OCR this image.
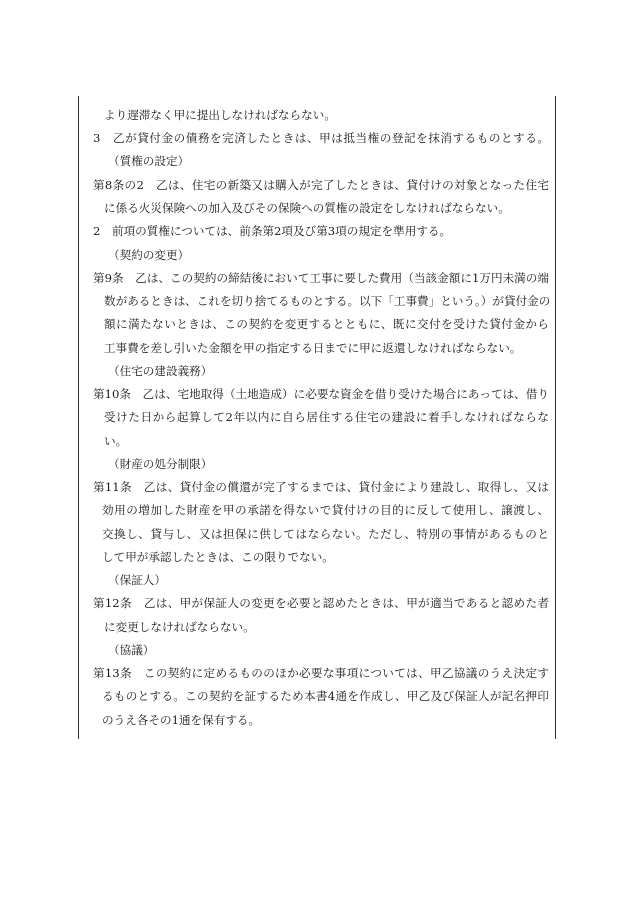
より遅滞なく甲に提出しなければならない。
3　乙が貸付金の債務を完済したときは、甲は抵当権の登記を抹消するものとする。
（質権の設定）
第8条の2　乙は、住宅の新築又は購入が完了したときは、貸付けの対象となった住宅
に係る火災保険への加入及びその保険への質権の設定をしなければならない。
2　前項の質権については、前条第2項及び第3項の規定を準用する。
（契約の変更）
第9条　乙は、この契約の締結後において工事に要した費用（当該金額に1万円未満の端
数があるときは、これを切り捨てるものとする。以下「工事費」という。）が貸付金の
額に満たないときは、この契約を変更するとともに、既に交付を受けた貸付金から
工事費を差し引いた金額を甲の指定する日までに甲に返還しなければならない。
（住宅の建設義務）
第10条　乙は、宅地取得（土地造成）に必要な資金を借り受けた場合にあっては、借り
受けた日から起算して2年以内に自ら居住する住宅の建設に着手しなければならな
い。
（財産の処分制限）
第11条　乙は、貸付金の償還が完了するまでは、貸付金により建設し、取得し、又は
効用の増加した財産を甲の承諾を得ないで貸付けの目的に反して使用し、譲渡し、
交換し、貸与し、又は担保に供してはならない。ただし、特別の事情があるものと
して甲が承認したときは、この限りでない。
（保証人）
第12条　乙は、甲が保証人の変更を必要と認めたときは、甲が適当であると認めた者
に変更しなければならない。
（協議）
第13条　この契約に定めるもののほか必要な事項については、甲乙協議のうえ決定す
るものとする。この契約を証するため本書4通を作成し、甲乙及び保証人が記名押印
のうえ各その1通を保有する。
